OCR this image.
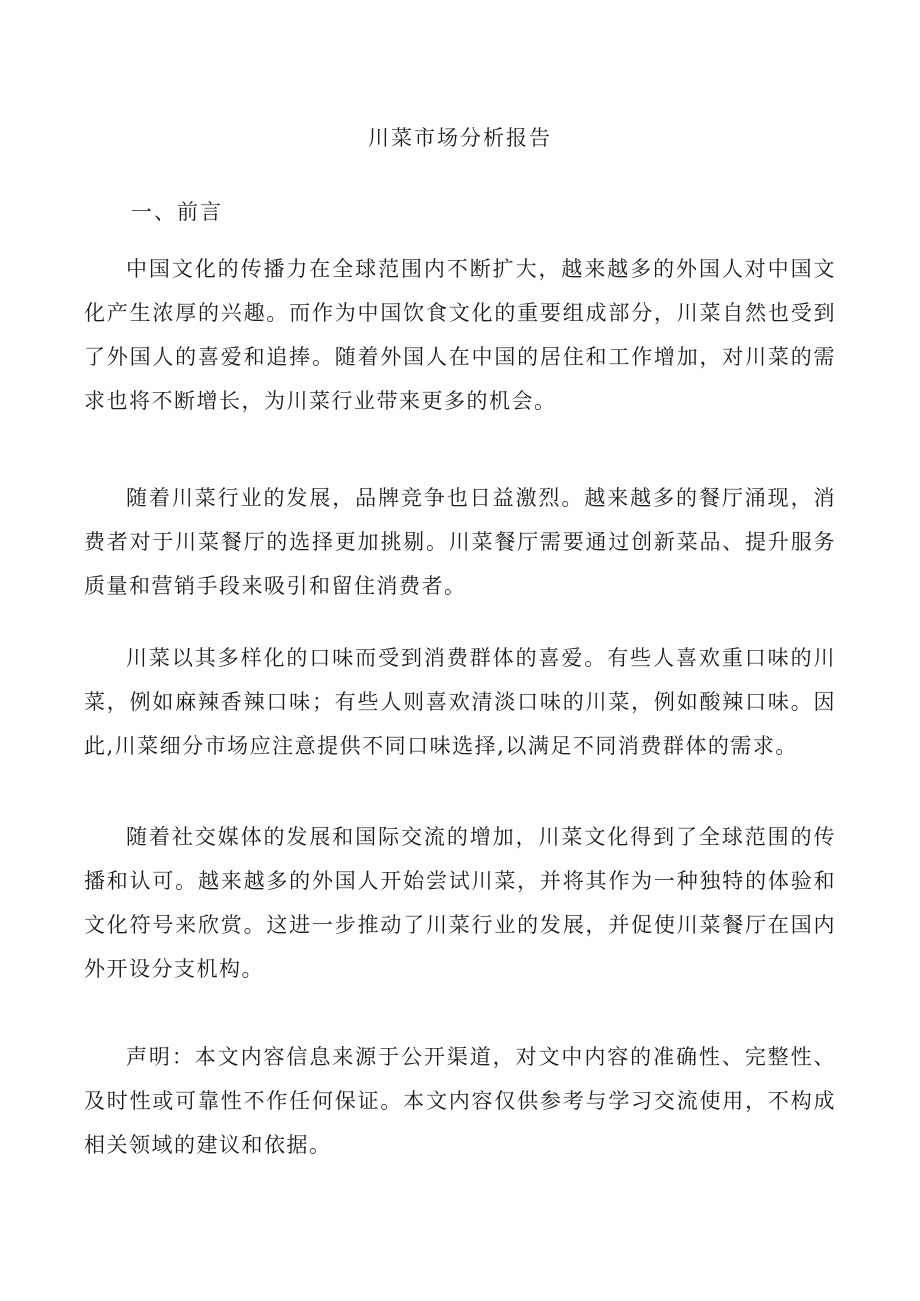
川菜市场分析报告
一、前言

中国文化的传播力在全球范围内不断扩大，越来越多的外国人对中国文化产生浓厚的兴趣。而作为中国饮食文化的重要组成部分，川菜自然也受到了外国人的喜爱和追捧。随着外国人在中国的居住和工作增加，对川菜的需求也将不断增长，为川菜行业带来更多的机会。

随着川菜行业的发展，品牌竞争也日益激烈。越来越多的餐厅涌现，消费者对于川菜餐厅的选择更加挑剔。川菜餐厅需要通过创新菜品、提升服务质量和营销手段来吸引和留住消费者。

川菜以其多样化的口味而受到消费群体的喜爱。有些人喜欢重口味的川菜，例如麻辣香辣口味；有些人则喜欢清淡口味的川菜，例如酸辣口味。因此,川菜细分市场应注意提供不同口味选择,以满足不同消费群体的需求。

随着社交媒体的发展和国际交流的增加，川菜文化得到了全球范围的传播和认可。越来越多的外国人开始尝试川菜，并将其作为一种独特的体验和文化符号来欣赏。这进一步推动了川菜行业的发展，并促使川菜餐厅在国内外开设分支机构。

声明：本文内容信息来源于公开渠道，对文中内容的准确性、完整性、及时性或可靠性不作任何保证。本文内容仅供参考与学习交流使用，不构成相关领域的建议和依据。
